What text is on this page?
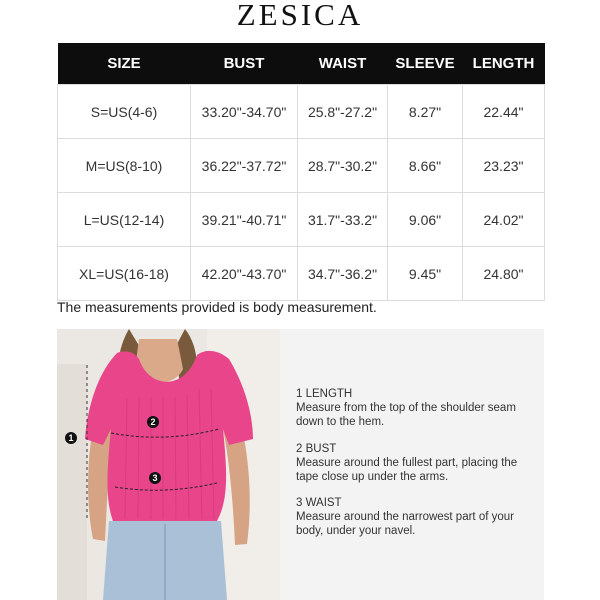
ZESICA
SIZE	BUST	WAIST	SLEEVE	LENGTH
S=US(4-6)	33.20"-34.70"	25.8"-27.2"	8.27"	22.44"
M=US(8-10)	36.22"-37.72"	28.7"-30.2"	8.66"	23.23"
L=US(12-14)	39.21"-40.71"	31.7"-33.2"	9.06"	24.02"
XL=US(16-18)	42.20"-43.70"	34.7"-36.2"	9.45"	24.80"
The measurements provided is body measurement.
1
2
3
1 LENGTH
Measure from the top of the shoulder seam down to the hem.
2 BUST
Measure around the fullest part, placing the tape close up under the arms.
3 WAIST
Measure around the narrowest part of your body, under your navel.
